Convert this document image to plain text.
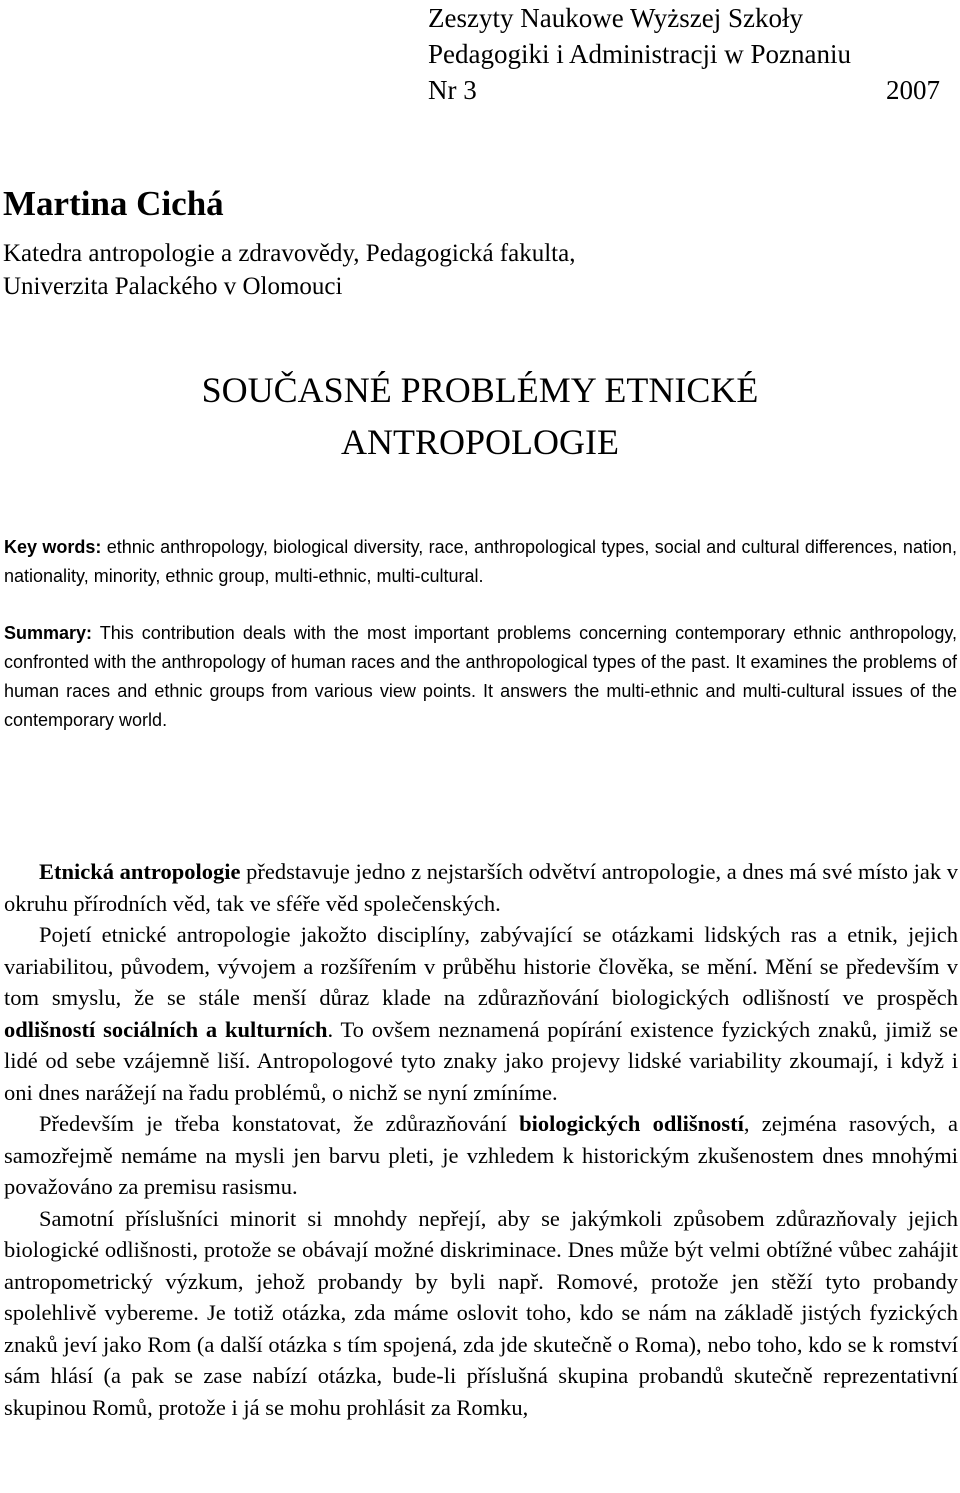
Zeszyty Naukowe Wyższej Szkoły
Pedagogiki i Administracji w Poznaniu
Nr 3	2007
Martina Cichá
Katedra antropologie a zdravovědy, Pedagogická fakulta,
Univerzita Palackého v Olomouci
SOUČASNÉ PROBLÉMY ETNICKÉ
ANTROPOLOGIE
Key words: ethnic anthropology, biological diversity, race, anthropological types, social and cultural differences, nation, nationality, minority, ethnic group, multi-ethnic, multi-cultural.
Summary: This contribution deals with the most important problems concerning contemporary ethnic anthropology, confronted with the anthropology of human races and the anthropological types of the past. It examines the problems of human races and ethnic groups from various view points. It answers the multi-ethnic and multi-cultural issues of the contemporary world.

Etnická antropologie představuje jedno z nejstarších odvětví antropologie, a dnes má své místo jak v okruhu přírodních věd, tak ve sféře věd společenských.

Pojetí etnické antropologie jakožto disciplíny, zabývající se otázkami lidských ras a etnik, jejich variabilitou, původem, vývojem a rozšířením v průběhu historie člověka, se mění. Mění se především v tom smyslu, že se stále menší důraz klade na zdůrazňování biologických odlišností ve prospěch odlišností sociálních a kulturních. To ovšem neznamená popírání existence fyzických znaků, jimiž se lidé od sebe vzájemně liší. Antropologové tyto znaky jako projevy lidské variability zkoumají, i když i oni dnes narážejí na řadu problémů, o nichž se nyní zmíníme.

Především je třeba konstatovat, že zdůrazňování biologických odlišností, zejména rasových, a samozřejmě nemáme na mysli jen barvu pleti, je vzhledem k historickým zkušenostem dnes mnohými považováno za premisu rasismu.

Samotní příslušníci minorit si mnohdy nepřejí, aby se jakýmkoli způsobem zdůrazňovaly jejich biologické odlišnosti, protože se obávají možné diskriminace. Dnes může být velmi obtížné vůbec zahájit antropometrický výzkum, jehož probandy by byli např. Romové, protože jen stěží tyto probandy spolehlivě vybereme. Je totiž otázka, zda máme oslovit toho, kdo se nám na základě jistých fyzických znaků jeví jako Rom (a další otázka s tím spojená, zda jde skutečně o Roma), nebo toho, kdo se k romství sám hlásí (a pak se zase nabízí otázka, bude-li příslušná skupina probandů skutečně reprezentativní skupinou Romů, protože i já se mohu prohlásit za Romku,
